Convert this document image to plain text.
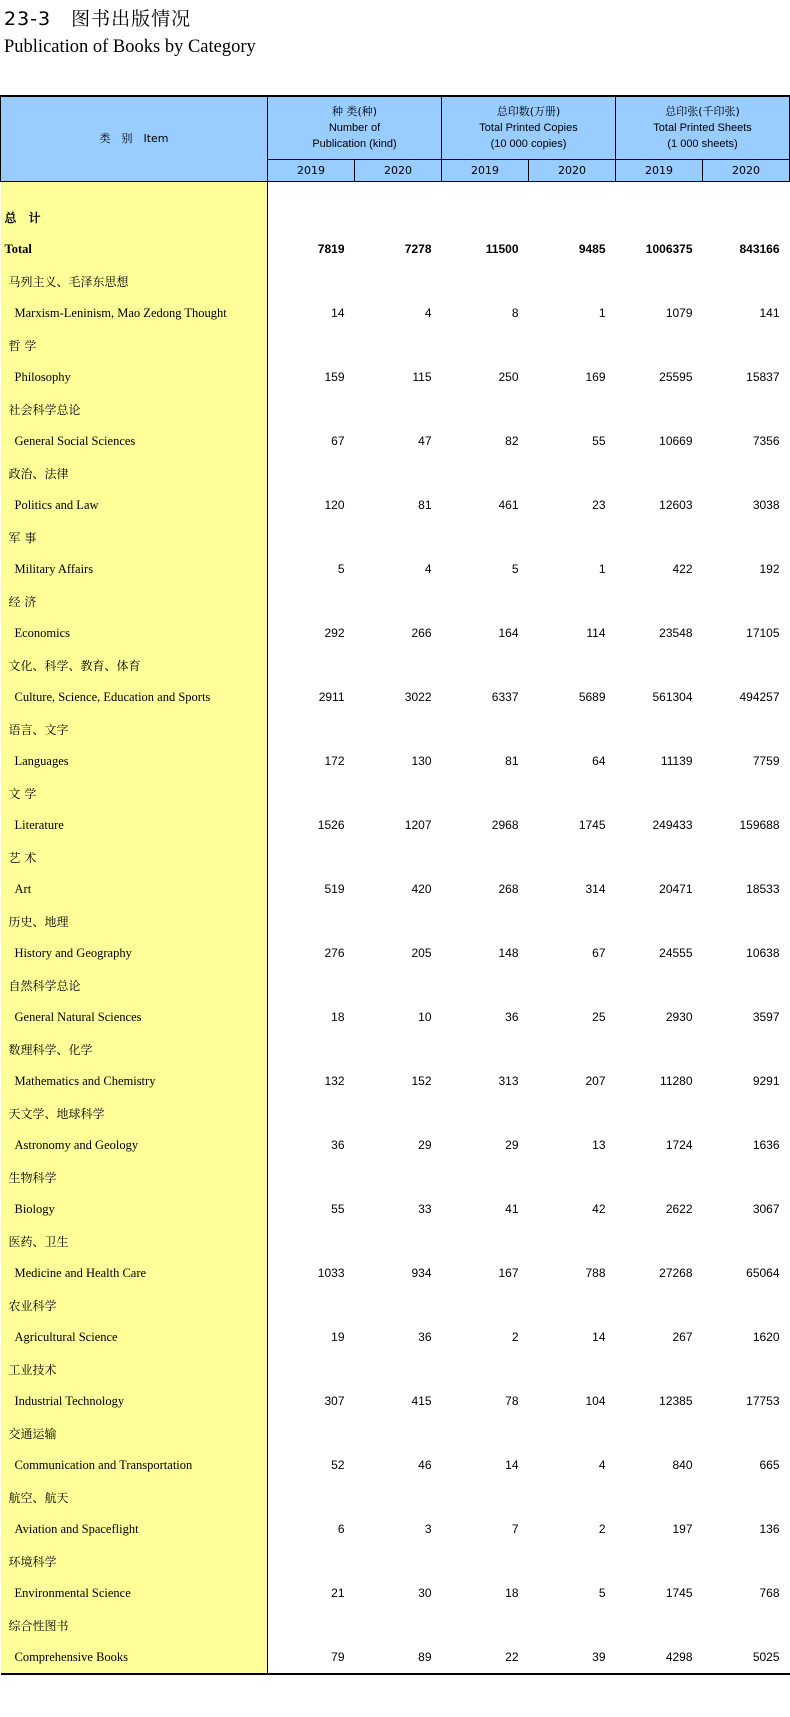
23-3　图书出版情况
Publication of Books by Category
类　别　Item	种 类(种)
Number of
Publication (kind)		总印数(万册)
Total Printed Copies
(10 000 copies)		总印张(千印张)
Total Printed Sheets
(1 000 sheets)	

	2019	2020	2019	2020	2019	2020

总　计						
Total	7819	7278	11500	9485	1006375	843166
马列主义、毛泽东思想						
Marxism-Leninism, Mao Zedong Thought	14	4	8	1	1079	141
哲 学						
Philosophy	159	115	250	169	25595	15837
社会科学总论						
General Social Sciences	67	47	82	55	10669	7356
政治、法律						
Politics and Law	120	81	461	23	12603	3038
军 事						
Military Affairs	5	4	5	1	422	192
经 济						
Economics	292	266	164	114	23548	17105
文化、科学、教育、体育						
Culture, Science, Education and Sports	2911	3022	6337	5689	561304	494257
语言、文字						
Languages	172	130	81	64	11139	7759
文 学						
Literature	1526	1207	2968	1745	249433	159688
艺 术						
Art	519	420	268	314	20471	18533
历史、地理						
History and Geography	276	205	148	67	24555	10638
自然科学总论						
General Natural Sciences	18	10	36	25	2930	3597
数理科学、化学						
Mathematics and Chemistry	132	152	313	207	11280	9291
天文学、地球科学						
Astronomy and Geology	36	29	29	13	1724	1636
生物科学						
Biology	55	33	41	42	2622	3067
医药、卫生						
Medicine and Health Care	1033	934	167	788	27268	65064
农业科学						
Agricultural Science	19	36	2	14	267	1620
工业技术						
Industrial Technology	307	415	78	104	12385	17753
交通运输						
Communication and Transportation	52	46	14	4	840	665
航空、航天						
Aviation and Spaceflight	6	3	7	2	197	136
环境科学						
Environmental Science	21	30	18	5	1745	768
综合性图书						
Comprehensive Books	79	89	22	39	4298	5025
